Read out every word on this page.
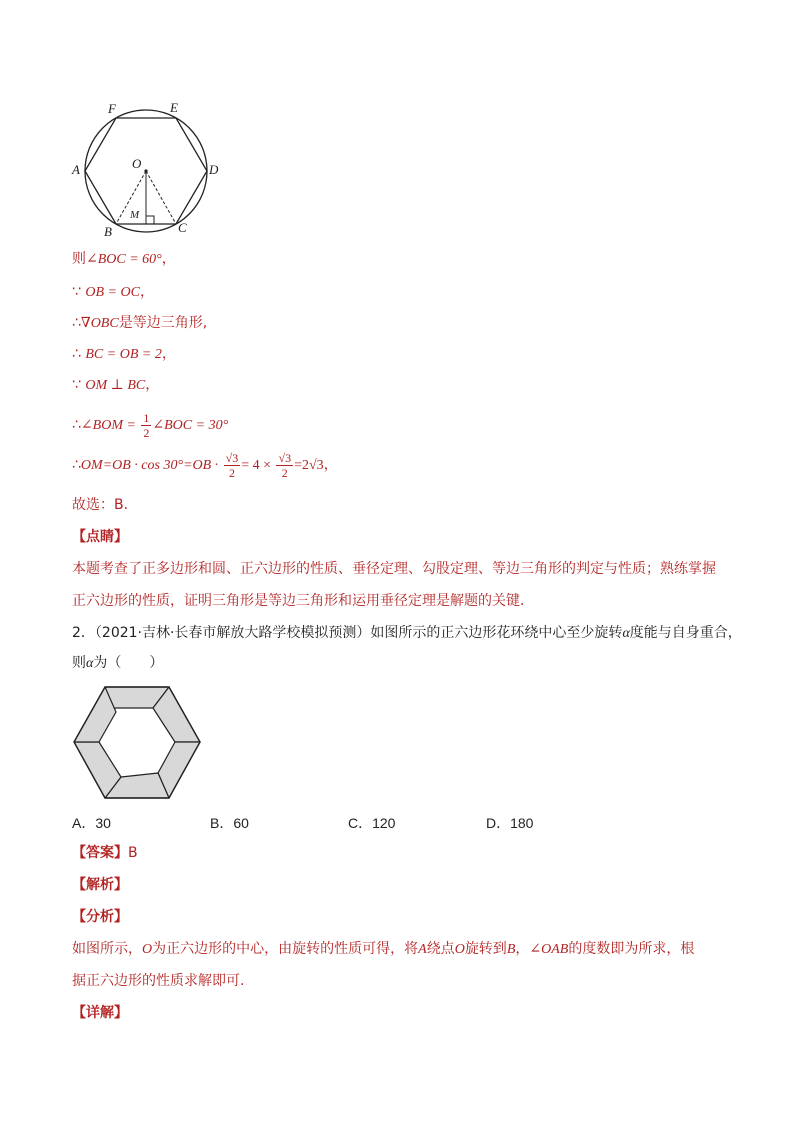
F	E
A	O	D
M
B	C
则∠BOC = 60°，
∵ OB = OC，
∴∇OBC是等边三角形,
∴ BC = OB = 2，
∵ OM ⊥ BC，
∴∠BOM = $\frac{1}{2}$ ∠BOC = 30°
∴OM=OB · $\cos 30^\circ=OB \cdot \frac{√3}{2} = 4 \times \frac{√3}{2} =2√3$，
故选：B．
【点睛】
本题考查了正多边形和圆、正六边形的性质、垂径定理、勾股定理、等边三角形的判定与性质；熟练掌握
正六边形的性质，证明三角形是等边三角形和运用垂径定理是解题的关键．
2．（2021·吉林·长春市解放大路学校模拟预测）如图所示的正六边形花环绕中心至少旋转α度能与自身重合，
则α为（　　）
A．30	B．60	C．120	D．180
【答案】B
【解析】
【分析】
如图所示，O为正六边形的中心，由旋转的性质可得，将A绕点O旋转到B，∠OAB的度数即为所求，根
据正六边形的性质求解即可.
【详解】
